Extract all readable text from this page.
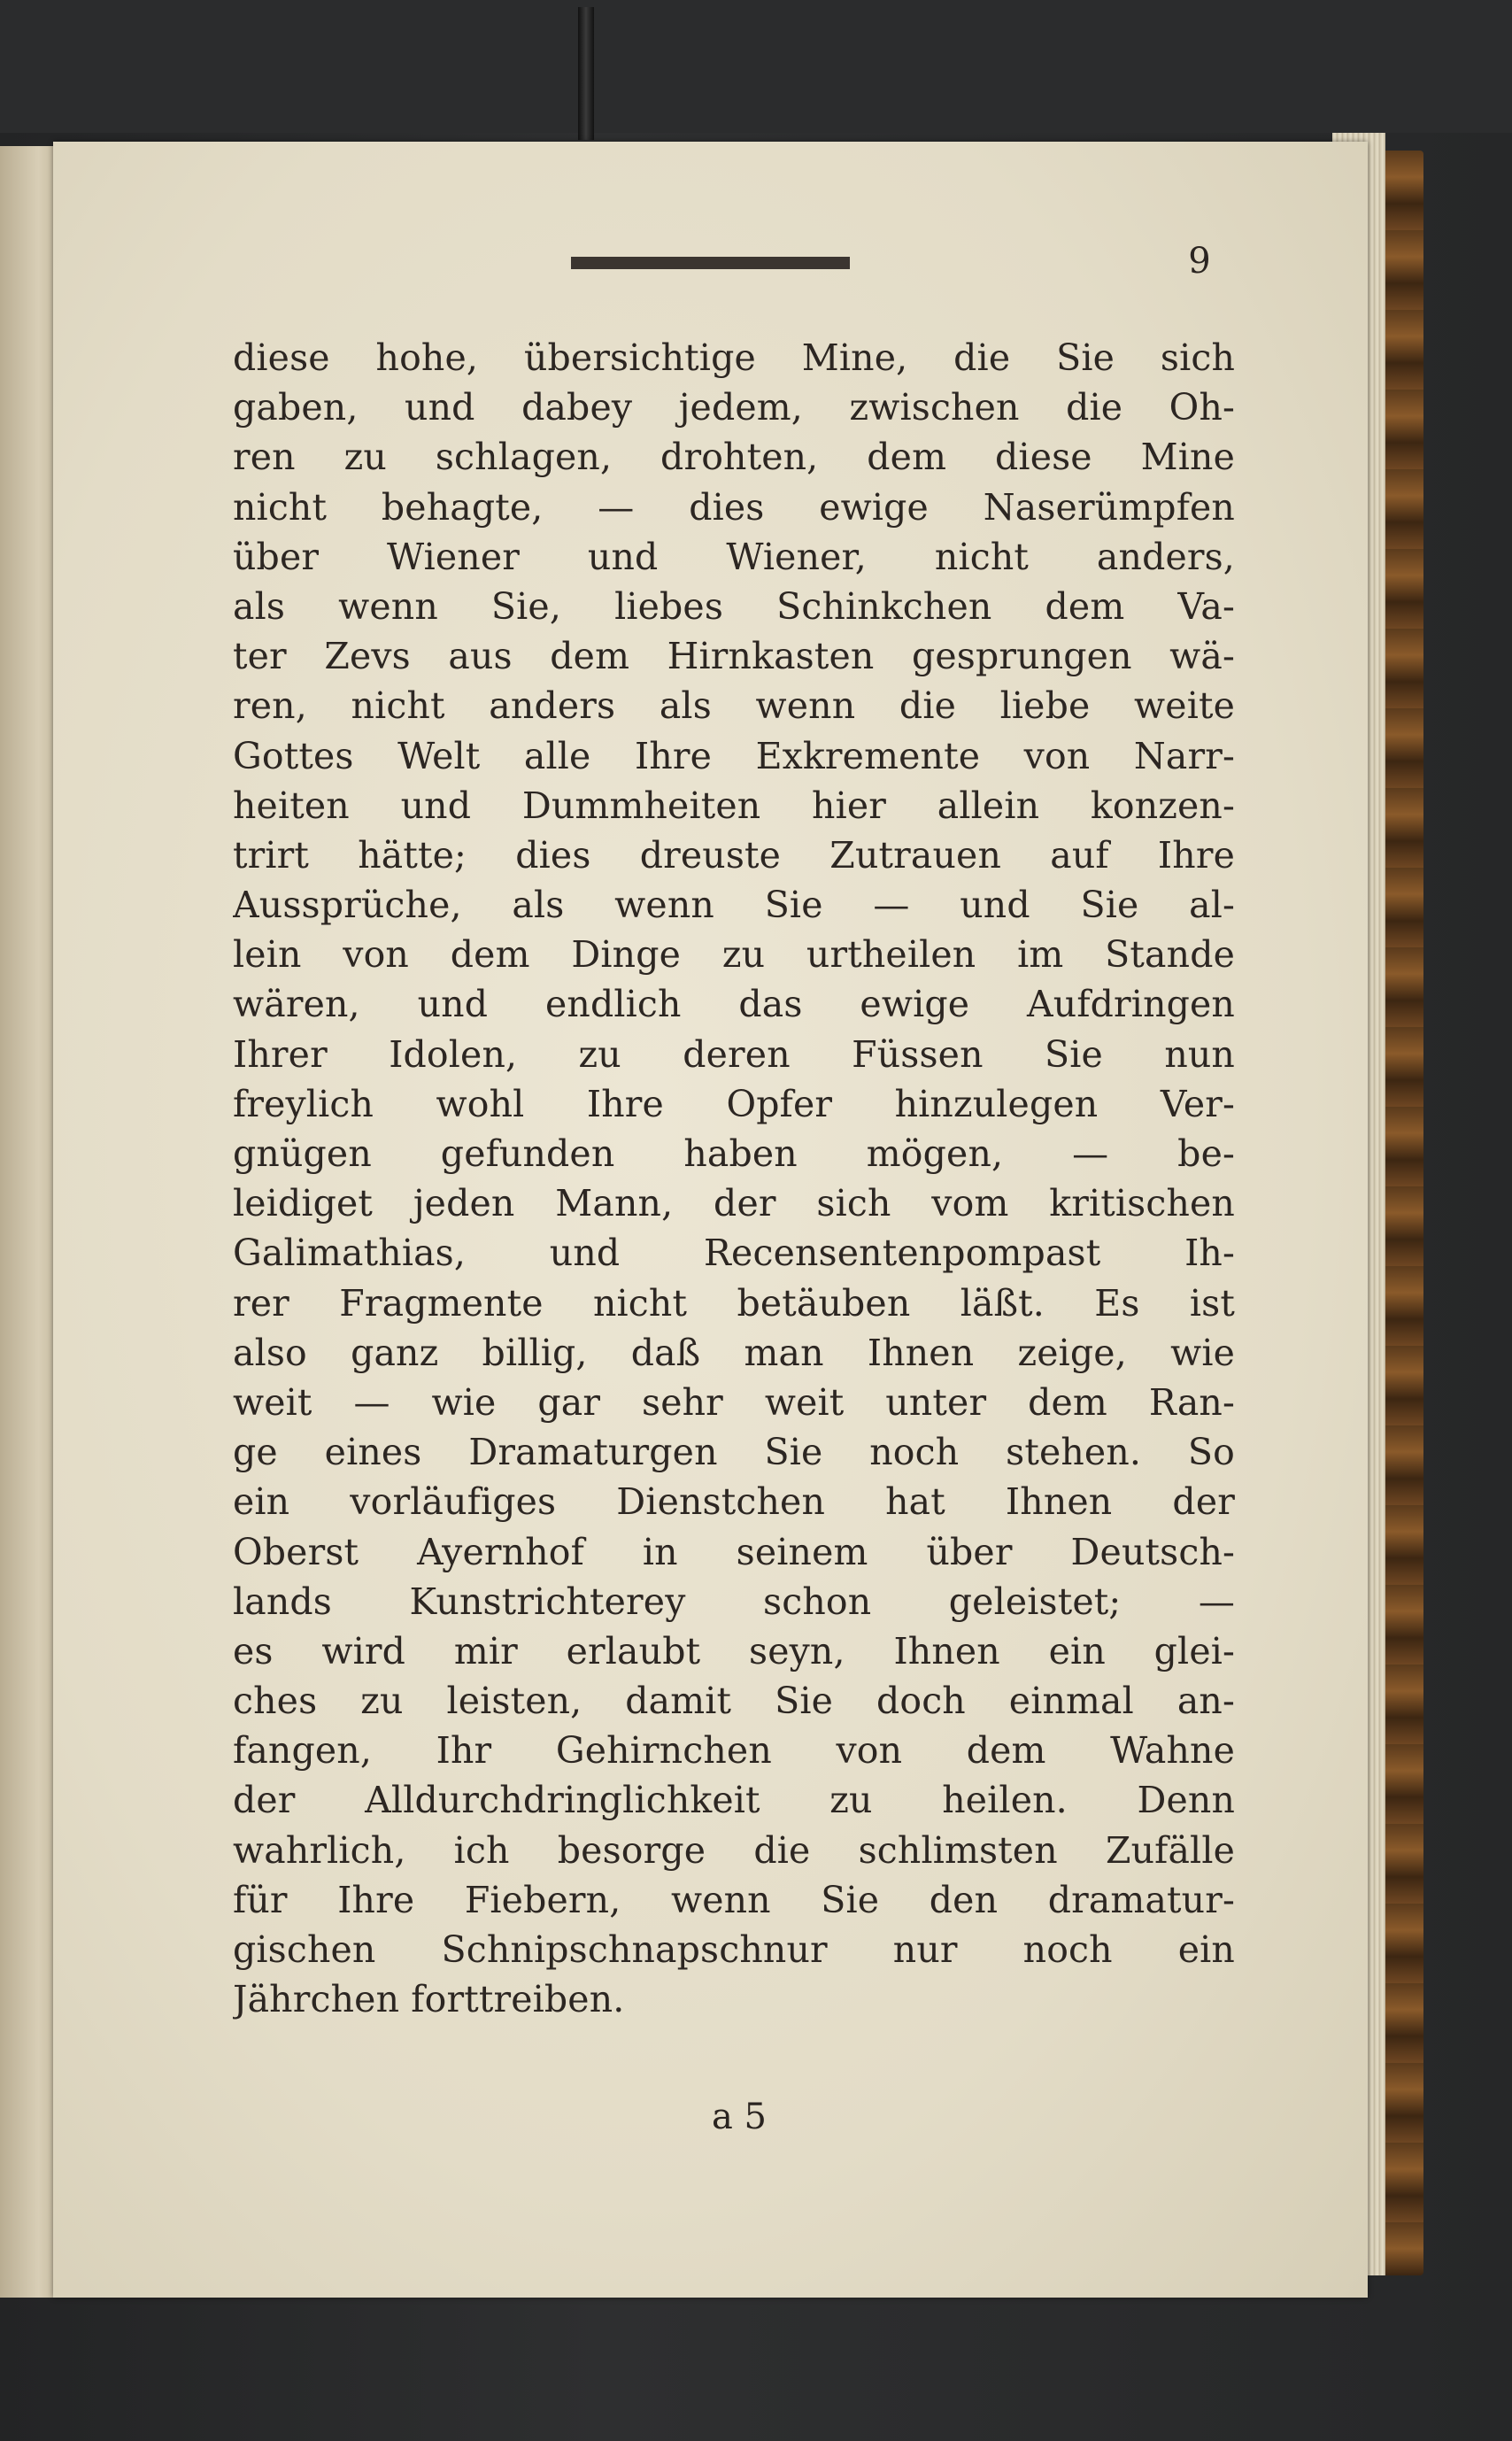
9
diese hohe, übersichtige Mine, die Sie sich
gaben, und dabey jedem, zwischen die Oh-
ren zu schlagen, drohten, dem diese Mine
nicht behagte, — dies ewige Naserümpfen
über Wiener und Wiener, nicht anders,
als wenn Sie, liebes Schinkchen dem Va-
ter Zevs aus dem Hirnkasten gesprungen wä-
ren, nicht anders als wenn die liebe weite
Gottes Welt alle Ihre Exkremente von Narr-
heiten und Dummheiten hier allein konzen-
trirt hätte; dies dreuste Zutrauen auf Ihre
Aussprüche, als wenn Sie — und Sie al-
lein von dem Dinge zu urtheilen im Stande
wären, und endlich das ewige Aufdringen
Ihrer Idolen, zu deren Füssen Sie nun
freylich wohl Ihre Opfer hinzulegen Ver-
gnügen gefunden haben mögen, — be-
leidiget jeden Mann, der sich vom kritischen
Galimathias, und Recensentenpompast Ih-
rer Fragmente nicht betäuben läßt. Es ist
also ganz billig, daß man Ihnen zeige, wie
weit — wie gar sehr weit unter dem Ran-
ge eines Dramaturgen Sie noch stehen. So
ein vorläufiges Dienstchen hat Ihnen der
Oberst Ayernhof in seinem über Deutsch-
lands Kunstrichterey schon geleistet; —
es wird mir erlaubt seyn, Ihnen ein glei-
ches zu leisten, damit Sie doch einmal an-
fangen, Ihr Gehirnchen von dem Wahne
der Alldurchdringlichkeit zu heilen. Denn
wahrlich, ich besorge die schlimsten Zufälle
für Ihre Fiebern, wenn Sie den dramatur-
gischen Schnipschnapschnur nur noch ein
Jährchen forttreiben.
a 5
